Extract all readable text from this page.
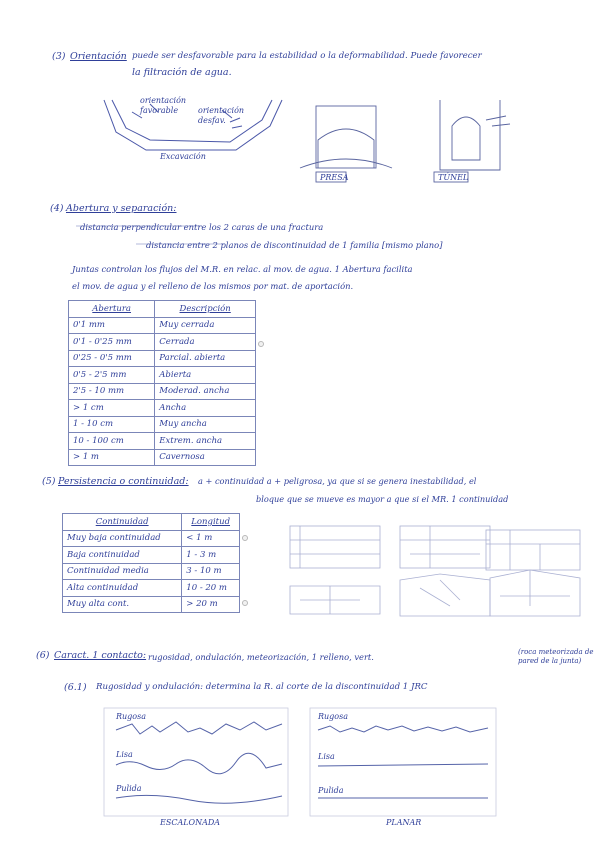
(3) Orientación puede ser desfavorable para la estabilidad o la deformabilidad. Puede favorecer
la filtración de agua.
orientación
favorable orientación
desfav.
Excavación
PRESA	TÚNEL
(4) Abertura y separación:
distancia perpendicular entre los 2 caras de una fractura
distancia entre 2 planos de discontinuidad de 1 familia [mismo plano]
Juntas controlan los flujos del M.R. en relac. al mov. de agua. 1 Abertura facilita
el mov. de agua y el relleno de los mismos por mat. de aportación.
Abertura	Descripción
0'1 mm	Muy cerrada
0'1 - 0'25 mm	Cerrada
0'25 - 0'5 mm	Parcial. abierta
0'5 - 2'5 mm	Abierta
2'5 - 10 mm	Moderad. ancha
> 1 cm	Ancha
1 - 10 cm	Muy ancha
10 - 100 cm	Extrem. ancha
> 1 m	Cavernosa
(5) Persistencia o continuidad: a + continuidad a + peligrosa, ya que si se genera inestabilidad, el
bloque que se mueve es mayor a que si el MR. 1 continuidad
Continuidad	Longitud
Muy baja continuidad	< 1 m
Baja continuidad	1 - 3 m
Continuidad media	3 - 10 m
Alta continuidad	10 - 20 m
Muy alta cont.	> 20 m
(6) Caract. 1 contacto: rugosidad, ondulación, meteorización, 1 relleno, vert.	(roca meteorizada de pared de la junta)
(6.1) Rugosidad y ondulación: determina la R. al corte de la discontinuidad 1 JRC
Rugosa
Lisa
Pulida
Rugosa
Lisa
Pulida
ESCALONADA	PLANAR
